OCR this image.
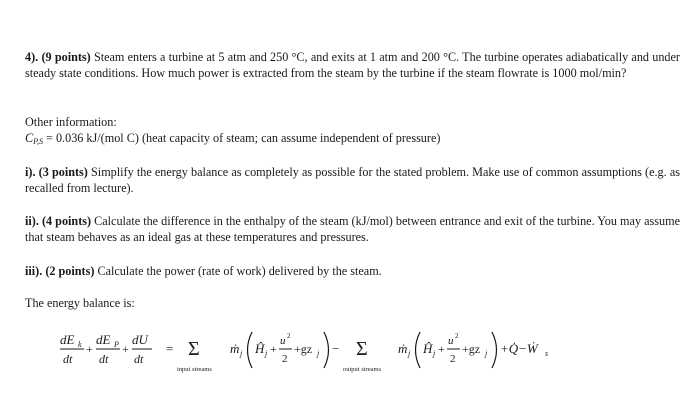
4). (9 points) Steam enters a turbine at 5 atm and 250 °C, and exits at 1 atm and 200 °C. The turbine operates adiabatically and under steady state conditions. How much power is extracted from the steam by the turbine if the steam flowrate is 1000 mol/min?
Other information:
$C_{P,S} = 0.036$ kJ/(mol C) (heat capacity of steam; can assume independent of pressure)
i). (3 points) Simplify the energy balance as completely as possible for the stated problem. Make use of common assumptions (e.g. as recalled from lecture).
ii). (4 points) Calculate the difference in the enthalpy of the steam (kJ/mol) between entrance and exit of the turbine. You may assume that steam behaves as an ideal gas at these temperatures and pressures.
iii). (2 points) Calculate the power (rate of work) delivered by the steam.
The energy balance is:
dE k
dt
+
dE P
dt
+
dU
dt
= Σ
input streams
ṁ j Ĥ j +
u 2
2
+gz j − Σ
output streams
ṁ j Ĥ j +
u 2
2
+gz j +Q̇−Ẇ s
